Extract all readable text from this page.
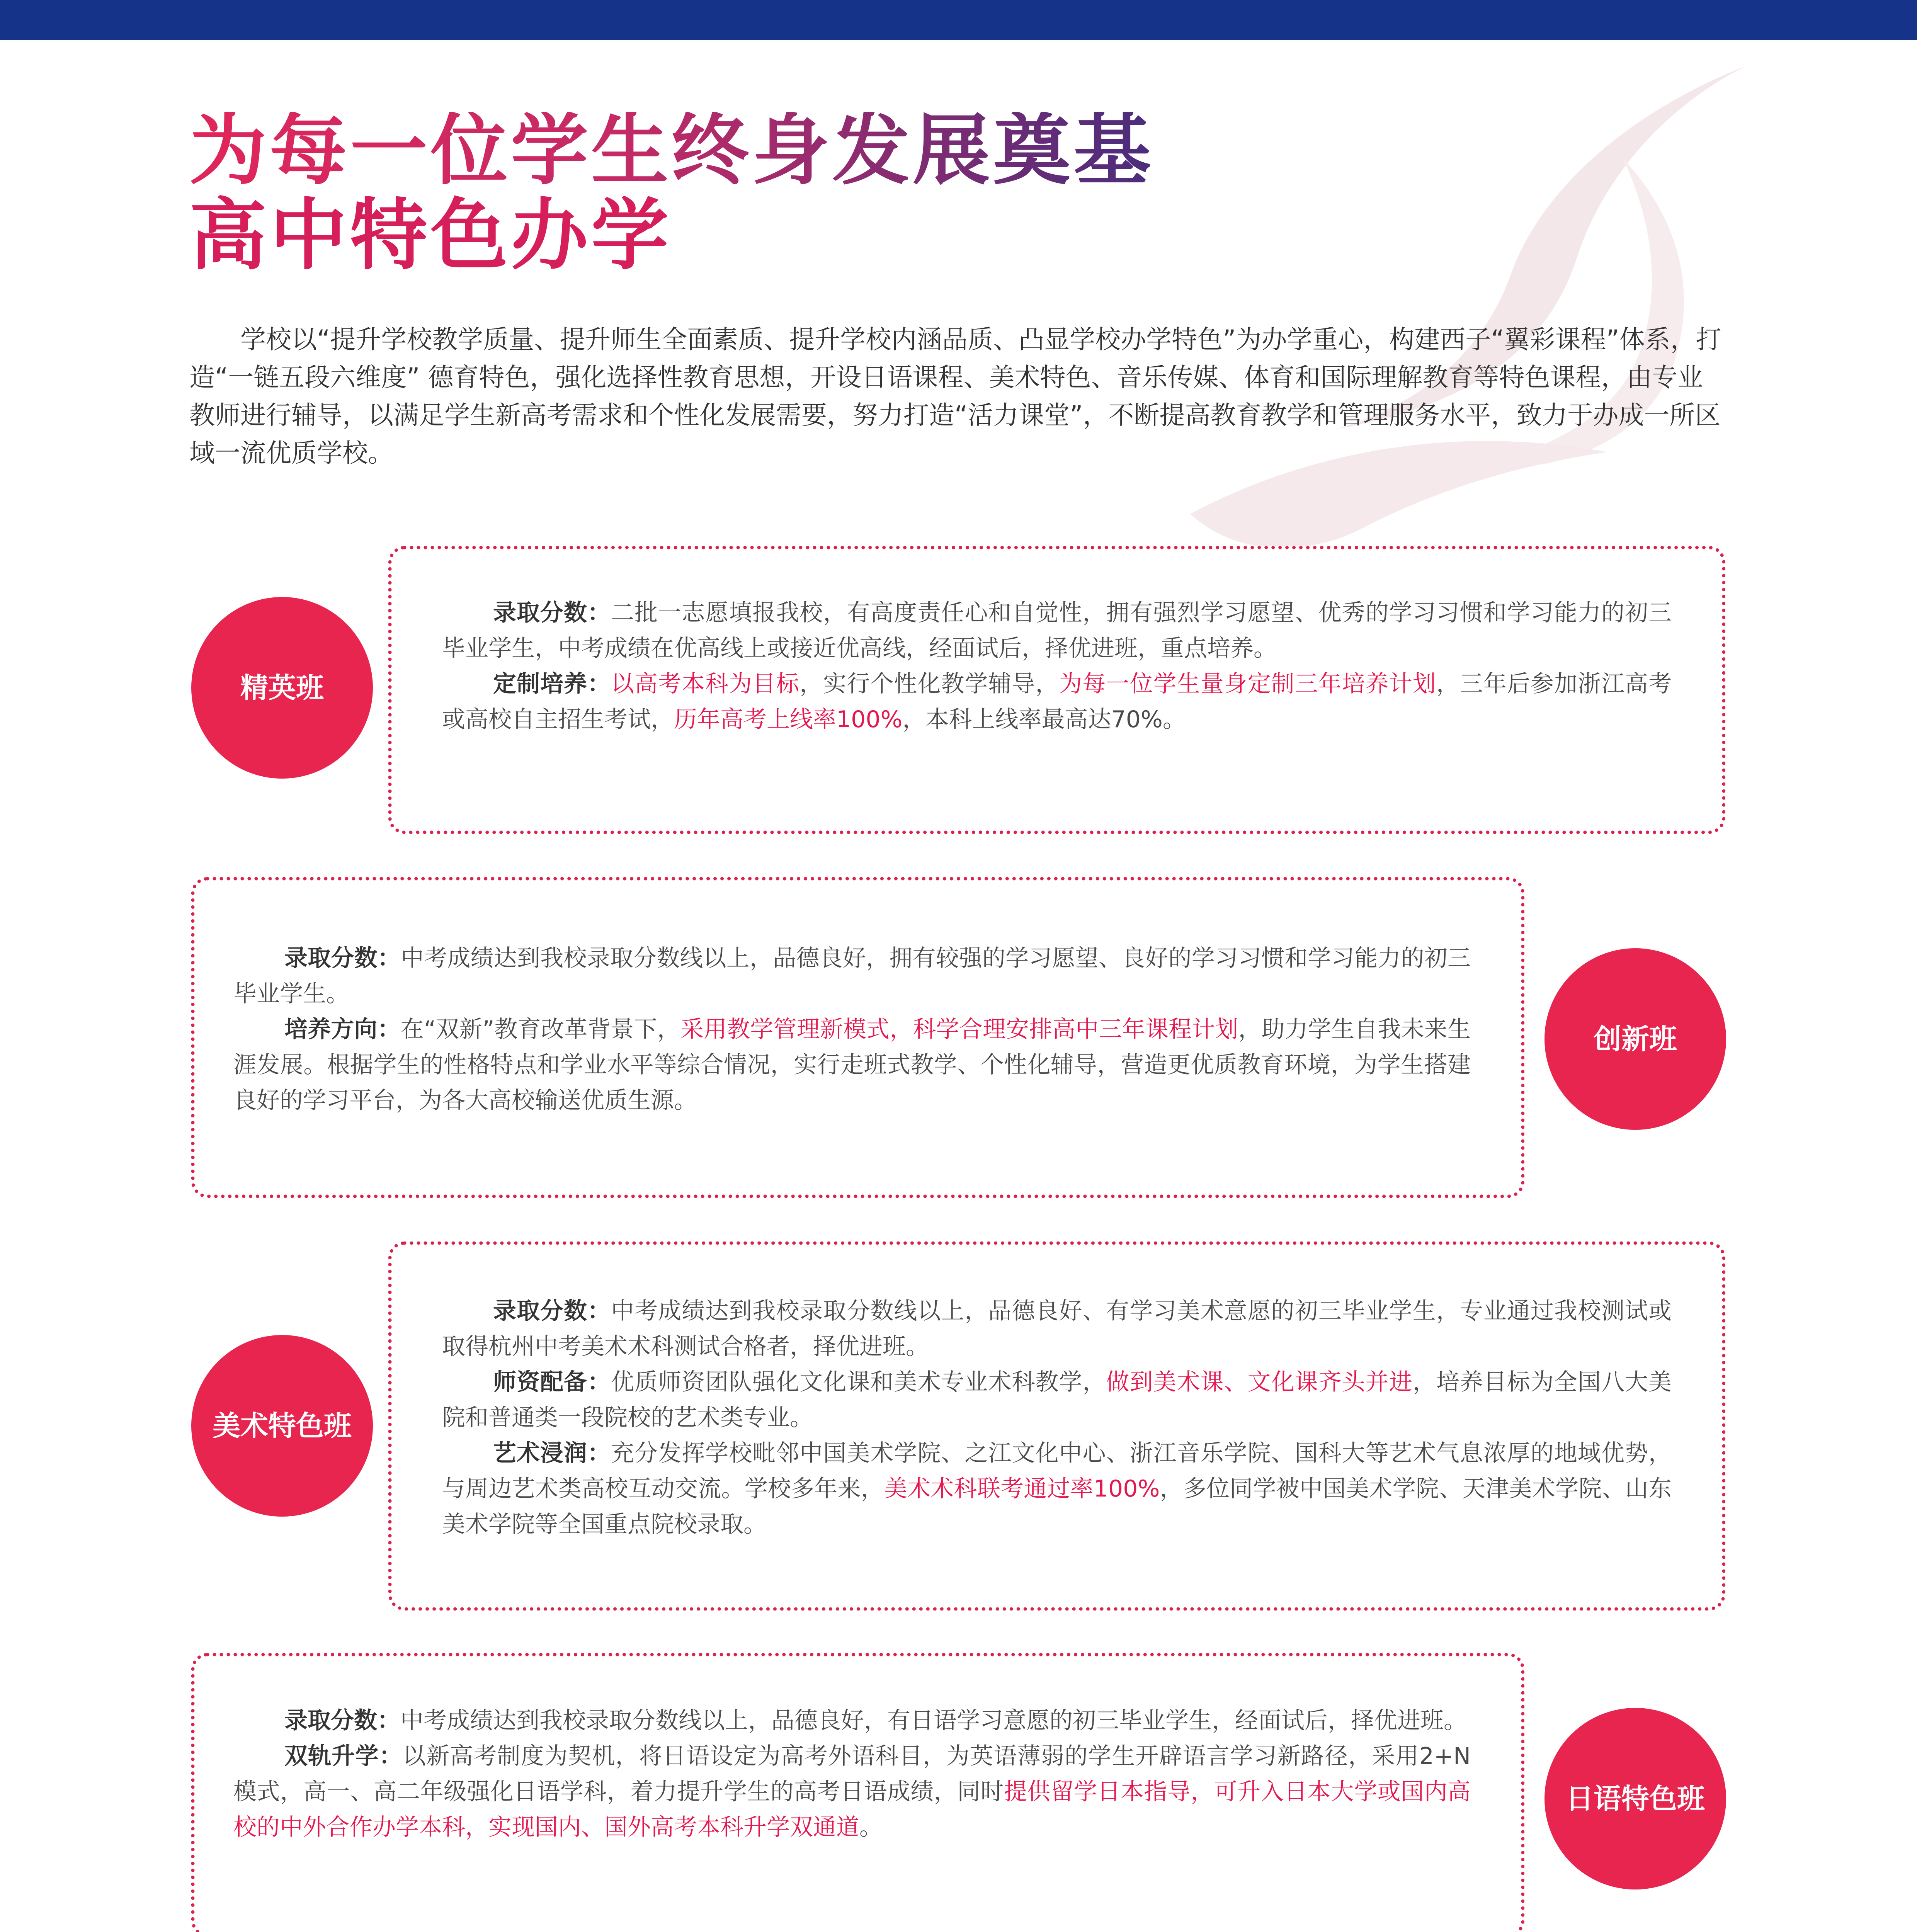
为每一位学生终身发展奠基
高中特色办学

学校以“提升学校教学质量、提升师生全面素质、提升学校内涵品质、凸显学校办学特色”为办学重心，构建西子“翼彩课程”体系，打造“一链五段六维度” 德育特色，强化选择性教育思想，开设日语课程、美术特色、音乐传媒、体育和国际理解教育等特色课程，由专业教师进行辅导，以满足学生新高考需求和个性化发展需要，努力打造“活力课堂”，不断提高教育教学和管理服务水平，致力于办成一所区域一流优质学校。

录取分数：二批一志愿填报我校，有高度责任心和自觉性，拥有强烈学习愿望、优秀的学习习惯和学习能力的初三毕业学生，中考成绩在优高线上或接近优高线，经面试后，择优进班，重点培养。

定制培养：以高考本科为目标，实行个性化教学辅导，为每一位学生量身定制三年培养计划，三年后参加浙江高考或高校自主招生考试，历年高考上线率100%，本科上线率最高达70%。

精英班

录取分数：中考成绩达到我校录取分数线以上，品德良好，拥有较强的学习愿望、良好的学习习惯和学习能力的初三毕业学生。

培养方向：在“双新”教育改革背景下，采用教学管理新模式，科学合理安排高中三年课程计划，助力学生自我未来生涯发展。根据学生的性格特点和学业水平等综合情况，实行走班式教学、个性化辅导，营造更优质教育环境，为学生搭建良好的学习平台，为各大高校输送优质生源。

创新班

录取分数：中考成绩达到我校录取分数线以上，品德良好、有学习美术意愿的初三毕业学生，专业通过我校测试或取得杭州中考美术术科测试合格者，择优进班。

师资配备：优质师资团队强化文化课和美术专业术科教学，做到美术课、文化课齐头并进，培养目标为全国八大美院和普通类一段院校的艺术类专业。

艺术浸润：充分发挥学校毗邻中国美术学院、之江文化中心、浙江音乐学院、国科大等艺术气息浓厚的地域优势，与周边艺术类高校互动交流。学校多年来，美术术科联考通过率100%，多位同学被中国美术学院、天津美术学院、山东美术学院等全国重点院校录取。

美术特色班

录取分数：中考成绩达到我校录取分数线以上，品德良好，有日语学习意愿的初三毕业学生，经面试后，择优进班。

双轨升学：以新高考制度为契机，将日语设定为高考外语科目，为英语薄弱的学生开辟语言学习新路径，采用2+N模式，高一、高二年级强化日语学科，着力提升学生的高考日语成绩，同时提供留学日本指导，可升入日本大学或国内高校的中外合作办学本科，实现国内、国外高考本科升学双通道。

日语特色班
